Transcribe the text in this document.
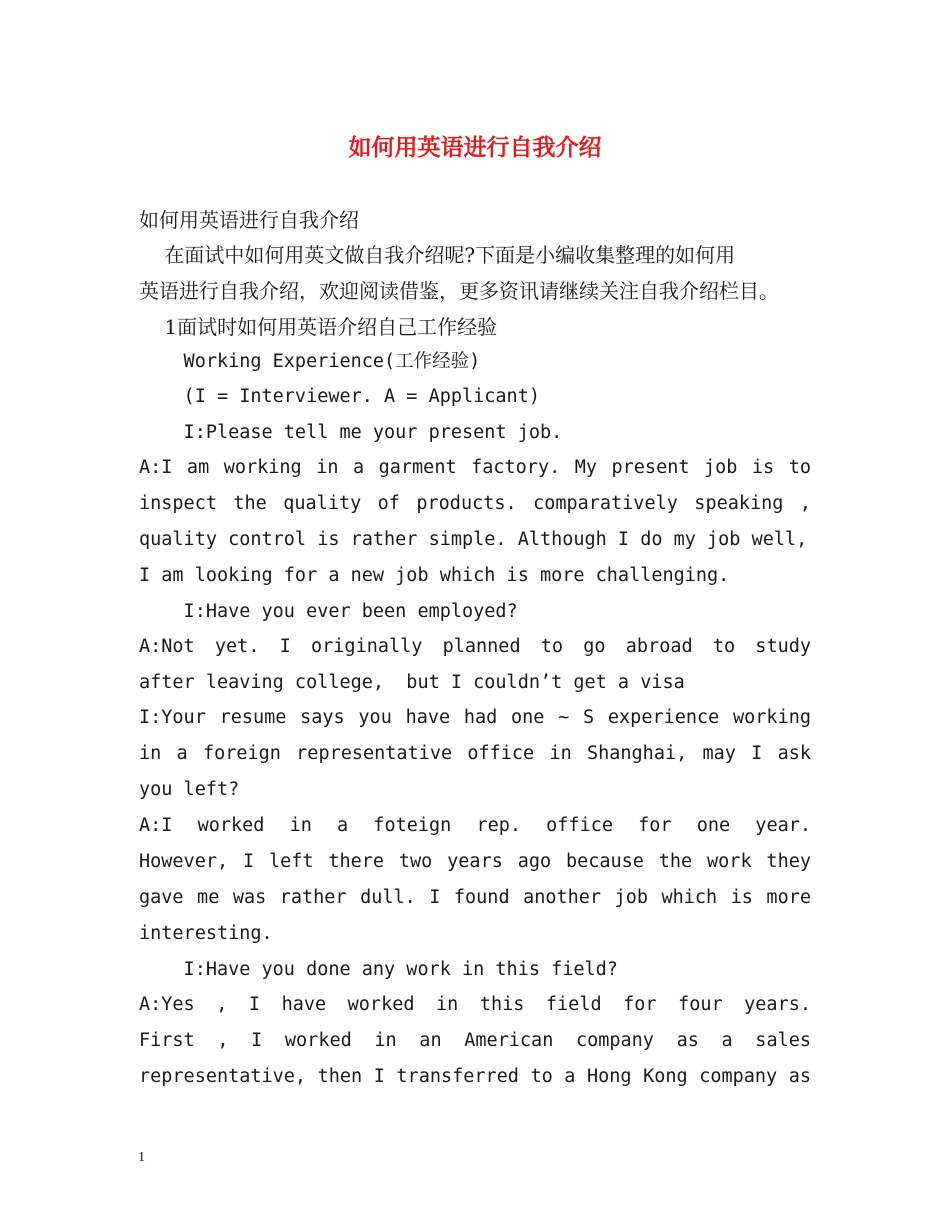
如何用英语进行自我介绍
如何用英语进行自我介绍
在面试中如何用英文做自我介绍呢?下面是小编收集整理的如何用
英语进行自我介绍，欢迎阅读借鉴，更多资讯请继续关注自我介绍栏目。
1面试时如何用英语介绍自己工作经验
Working Experience(工作经验)
(I = Interviewer. A = Applicant)
I:Please tell me your present job.
A:I am working in a garment factory. My present job is to
inspect the quality of products. comparatively speaking ,
quality control is rather simple. Although I do my job well,
I am looking for a new job which is more challenging.
I:Have you ever been employed?
A:Not yet. I originally planned to go abroad to study
after leaving college,  but I couldn’t get a visa
I:Your resume says you have had one ~ S experience working
in a foreign representative office in Shanghai, may I ask
you left?
A:I worked in a foteign rep. office for one year.
However, I left there two years ago because the work they
gave me was rather dull. I found another job which is more
interesting.
I:Have you done any work in this field?
A:Yes , I have worked in this field for four years.
First , I worked in an American company as a sales
representative, then I transferred to a Hong Kong company as
1
